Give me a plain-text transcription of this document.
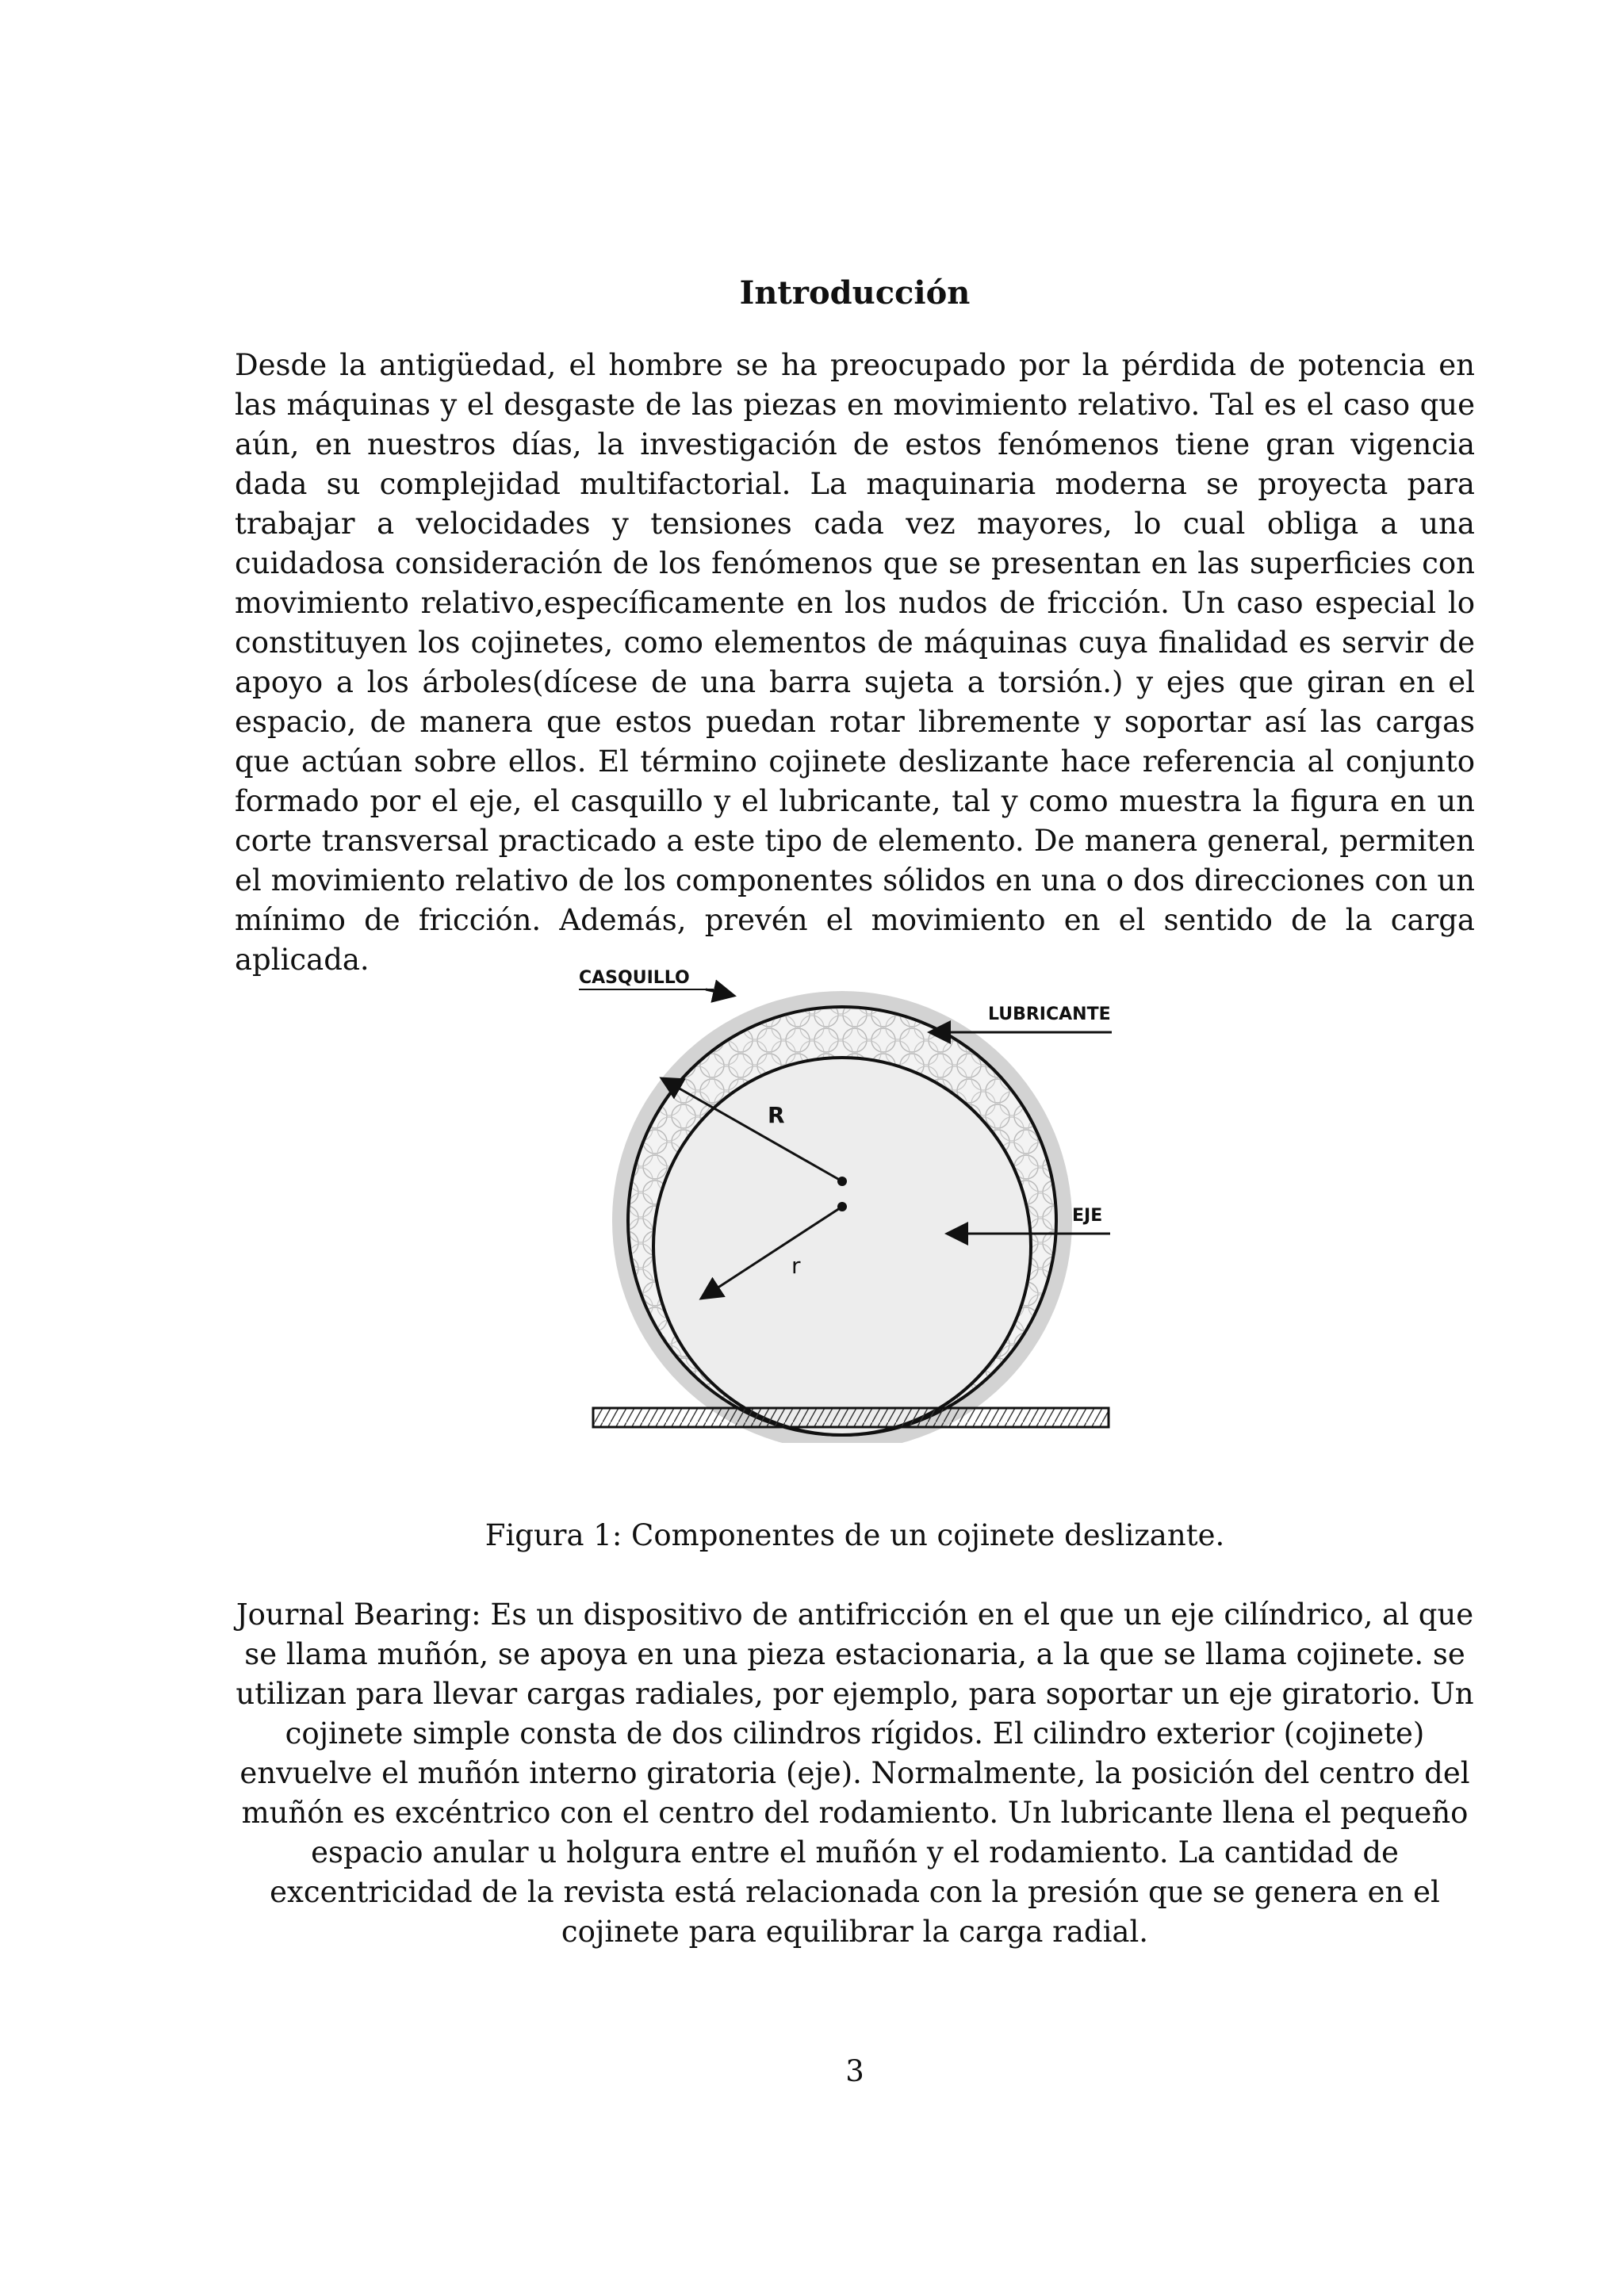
Introducción

Desde la antigüedad, el hombre se ha preocupado por la pérdida de potencia en las máquinas y el desgaste de las piezas en movimiento relativo. Tal es el caso que aún, en nuestros días, la investigación de estos fenómenos tiene gran vigencia dada su complejidad multifactorial. La maquinaria moderna se proyecta para trabajar a velocidades y tensiones cada vez mayores, lo cual obliga a una cuidadosa consideración de los fenómenos que se presentan en las superficies con movimiento relativo,específicamente en los nudos de fricción. Un caso especial lo constituyen los cojinetes, como elementos de máquinas cuya finalidad es servir de apoyo a los árboles(dícese de una barra sujeta a torsión.) y ejes que giran en el espacio, de manera que estos puedan rotar libremente y soportar así las cargas que actúan sobre ellos. El término cojinete deslizante hace referencia al conjunto formado por el eje, el casquillo y el lubricante, tal y como muestra la figura en un corte transversal practicado a este tipo de elemento. De manera general, permiten el movimiento relativo de los componentes sólidos en una o dos direcciones con un mínimo de fricción. Además, prevén el movimiento en el sentido de la carga aplicada.

CASQUILLO
LUBRICANTE
EJE
R
r
Figura 1: Componentes de un cojinete deslizante.

Journal Bearing: Es un dispositivo de antifricción en el que un eje cilíndrico, al que se llama muñón, se apoya en una pieza estacionaria, a la que se llama cojinete. se utilizan para llevar cargas radiales, por ejemplo, para soportar un eje giratorio. Un cojinete simple consta de dos cilindros rígidos. El cilindro exterior (cojinete) envuelve el muñón interno giratoria (eje). Normalmente, la posición del centro del muñón es excéntrico con el centro del rodamiento. Un lubricante llena el pequeño espacio anular u holgura entre el muñón y el rodamiento. La cantidad de excentricidad de la revista está relacionada con la presión que se genera en el cojinete para equilibrar la carga radial.

3
